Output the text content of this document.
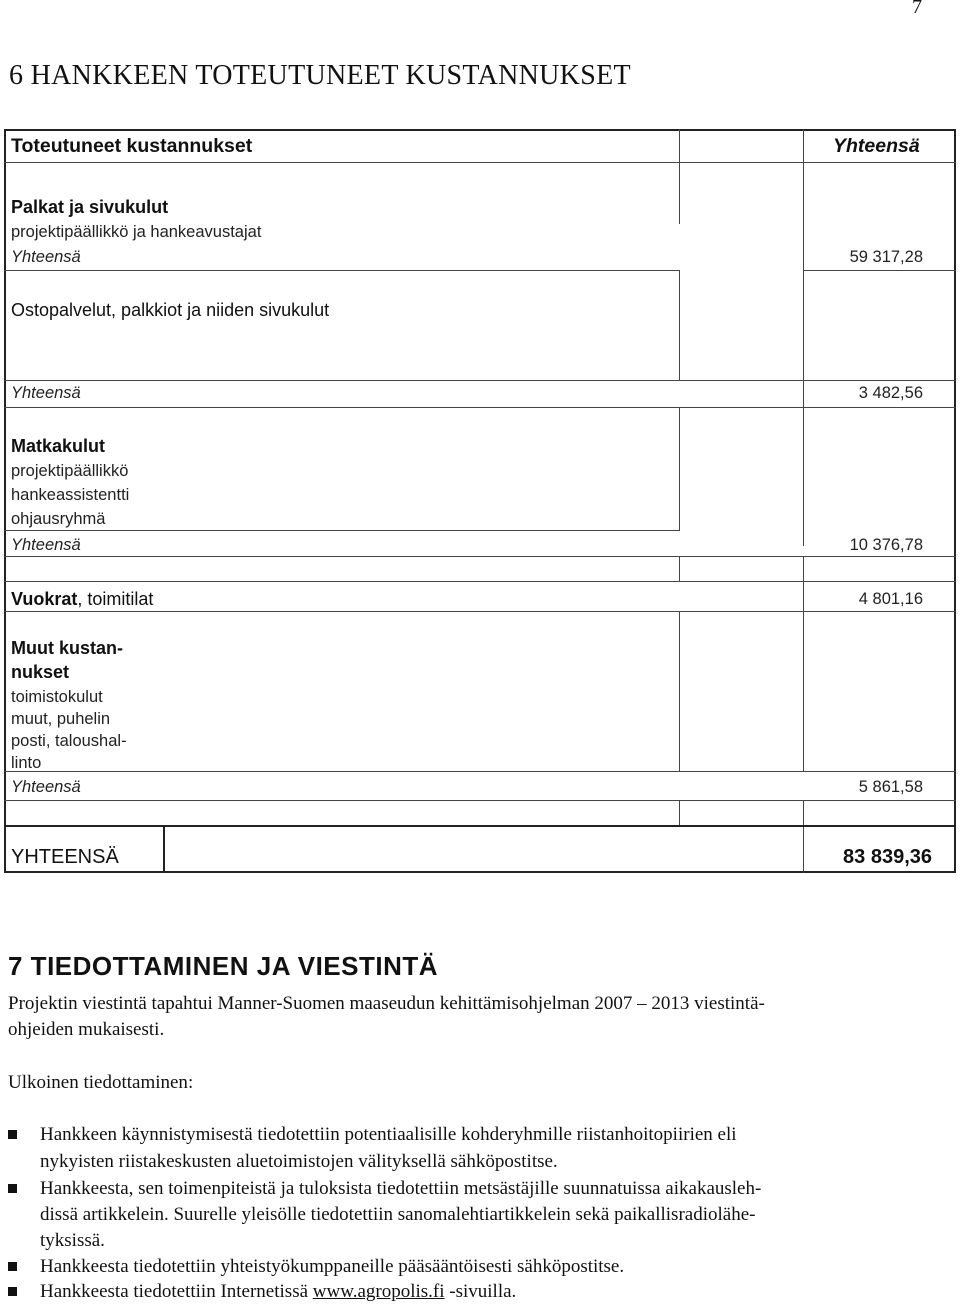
7
6 HANKKEEN TOTEUTUNEET KUSTANNUKSET
Toteutuneet kustannukset	Yhteensä
Palkat ja sivukulut
projektipäällikkö ja hankeavustajat
Yhteensä	59 317,28
Ostopalvelut, palkkiot ja niiden sivukulut
Yhteensä	3 482,56
Matkakulut
projektipäällikkö
hankeassistentti
ohjausryhmä
Yhteensä	10 376,78
Vuokrat, toimitilat	4 801,16
Muut kustan-
nukset
toimistokulut
muut, puhelin
posti, taloushal-
linto
Yhteensä	5 861,58
YHTEENSÄ	83 839,36
7 TIEDOTTAMINEN JA VIESTINTÄ
Projektin viestintä tapahtui Manner-Suomen maaseudun kehittämisohjelman 2007 – 2013 viestintä-
ohjeiden mukaisesti.
Ulkoinen tiedottaminen:
Hankkeen käynnistymisestä tiedotettiin potentiaalisille kohderyhmille riistanhoitopiirien eli
nykyisten riistakeskusten aluetoimistojen välityksellä sähköpostitse.
Hankkeesta, sen toimenpiteistä ja tuloksista tiedotettiin metsästäjille suunnatuissa aikakausleh-
dissä artikkelein. Suurelle yleisölle tiedotettiin sanomalehtiartikkelein sekä paikallisradiolähe-
tyksissä.
Hankkeesta tiedotettiin yhteistyökumppaneille pääsääntöisesti sähköpostitse.
Hankkeesta tiedotettiin Internetissä www.agropolis.fi -sivuilla.
